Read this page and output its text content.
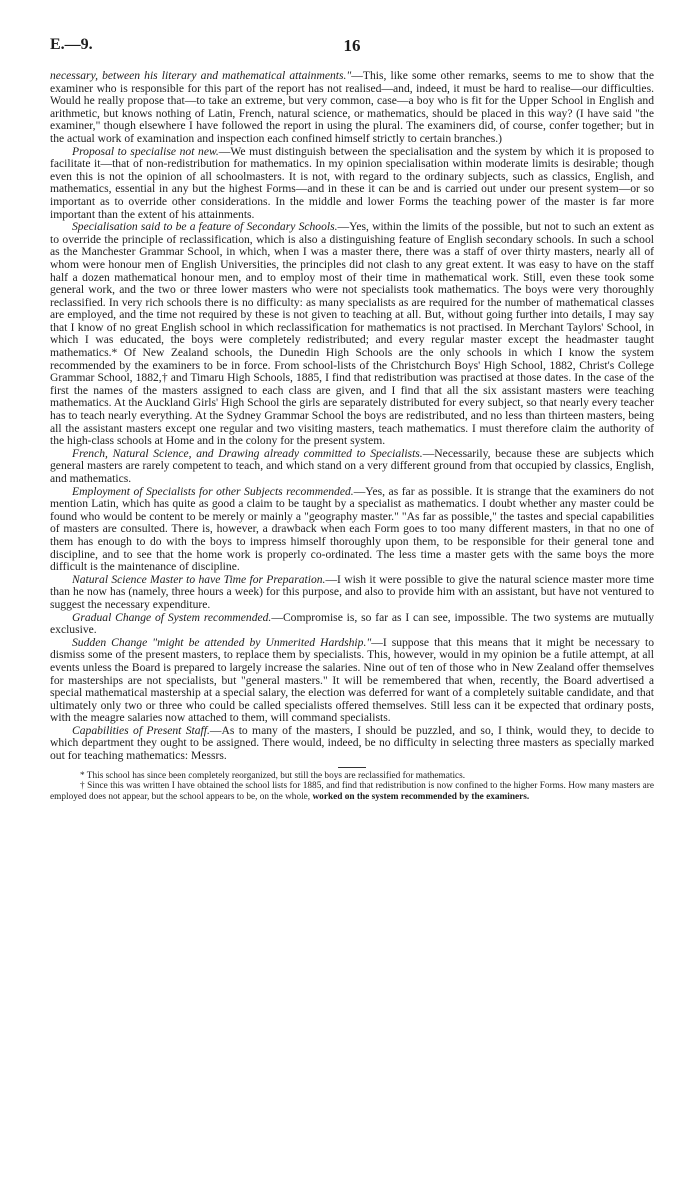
E.—9.	16

necessary, between his literary and mathematical attainments."—This, like some other remarks, seems to me to show that the examiner who is responsible for this part of the report has not realised—and, indeed, it must be hard to realise—our difficulties. Would he really propose that—to take an extreme, but very common, case—a boy who is fit for the Upper School in English and arithmetic, but knows nothing of Latin, French, natural science, or mathematics, should be placed in this way? (I have said "the examiner," though elsewhere I have followed the report in using the plural. The examiners did, of course, confer together; but in the actual work of examination and inspection each confined himself strictly to certain branches.)

Proposal to specialise not new.—We must distinguish between the specialisation and the system by which it is proposed to facilitate it—that of non-redistribution for mathematics. In my opinion specialisation within moderate limits is desirable; though even this is not the opinion of all schoolmasters. It is not, with regard to the ordinary subjects, such as classics, English, and mathematics, essential in any but the highest Forms—and in these it can be and is carried out under our present system—or so important as to override other considerations. In the middle and lower Forms the teaching power of the master is far more important than the extent of his attainments.

Specialisation said to be a feature of Secondary Schools.—Yes, within the limits of the possible, but not to such an extent as to override the principle of reclassification, which is also a distinguishing feature of English secondary schools. In such a school as the Manchester Grammar School, in which, when I was a master there, there was a staff of over thirty masters, nearly all of whom were honour men of English Universities, the principles did not clash to any great extent. It was easy to have on the staff half a dozen mathematical honour men, and to employ most of their time in mathematical work. Still, even these took some general work, and the two or three lower masters who were not specialists took mathematics. The boys were very thoroughly reclassified. In very rich schools there is no difficulty: as many specialists as are required for the number of mathematical classes are employed, and the time not required by these is not given to teaching at all. But, without going further into details, I may say that I know of no great English school in which reclassification for mathematics is not practised. In Merchant Taylors' School, in which I was educated, the boys were completely redistributed; and every regular master except the headmaster taught mathematics.* Of New Zealand schools, the Dunedin High Schools are the only schools in which I know the system recommended by the examiners to be in force. From school-lists of the Christchurch Boys' High School, 1882, Christ's College Grammar School, 1882,† and Timaru High Schools, 1885, I find that redistribution was practised at those dates. In the case of the first the names of the masters assigned to each class are given, and I find that all the six assistant masters were teaching mathematics. At the Auckland Girls' High School the girls are separately distributed for every subject, so that nearly every teacher has to teach nearly everything. At the Sydney Grammar School the boys are redistributed, and no less than thirteen masters, being all the assistant masters except one regular and two visiting masters, teach mathematics. I must therefore claim the authority of the high-class schools at Home and in the colony for the present system.

French, Natural Science, and Drawing already committed to Specialists.—Necessarily, because these are subjects which general masters are rarely competent to teach, and which stand on a very different ground from that occupied by classics, English, and mathematics.

Employment of Specialists for other Subjects recommended.—Yes, as far as possible. It is strange that the examiners do not mention Latin, which has quite as good a claim to be taught by a specialist as mathematics. I doubt whether any master could be found who would be content to be merely or mainly a "geography master." "As far as possible," the tastes and special capabilities of masters are consulted. There is, however, a drawback when each Form goes to too many different masters, in that no one of them has enough to do with the boys to impress himself thoroughly upon them, to be responsible for their general tone and discipline, and to see that the home work is properly co-ordinated. The less time a master gets with the same boys the more difficult is the maintenance of discipline.

Natural Science Master to have Time for Preparation.—I wish it were possible to give the natural science master more time than he now has (namely, three hours a week) for this purpose, and also to provide him with an assistant, but have not ventured to suggest the necessary expenditure.

Gradual Change of System recommended.—Compromise is, so far as I can see, impossible. The two systems are mutually exclusive.

Sudden Change "might be attended by Unmerited Hardship."—I suppose that this means that it might be necessary to dismiss some of the present masters, to replace them by specialists. This, however, would in my opinion be a futile attempt, at all events unless the Board is prepared to largely increase the salaries. Nine out of ten of those who in New Zealand offer themselves for masterships are not specialists, but "general masters." It will be remembered that when, recently, the Board advertised a special mathematical mastership at a special salary, the election was deferred for want of a completely suitable candidate, and that ultimately only two or three who could be called specialists offered themselves. Still less can it be expected that ordinary posts, with the meagre salaries now attached to them, will command specialists.

Capabilities of Present Staff.—As to many of the masters, I should be puzzled, and so, I think, would they, to decide to which department they ought to be assigned. There would, indeed, be no difficulty in selecting three masters as specially marked out for teaching mathematics: Messrs.

* This school has since been completely reorganized, but still the boys are reclassified for mathematics.

† Since this was written I have obtained the school lists for 1885, and find that redistribution is now confined to the higher Forms. How many masters are employed does not appear, but the school appears to be, on the whole, worked on the system recommended by the examiners.
